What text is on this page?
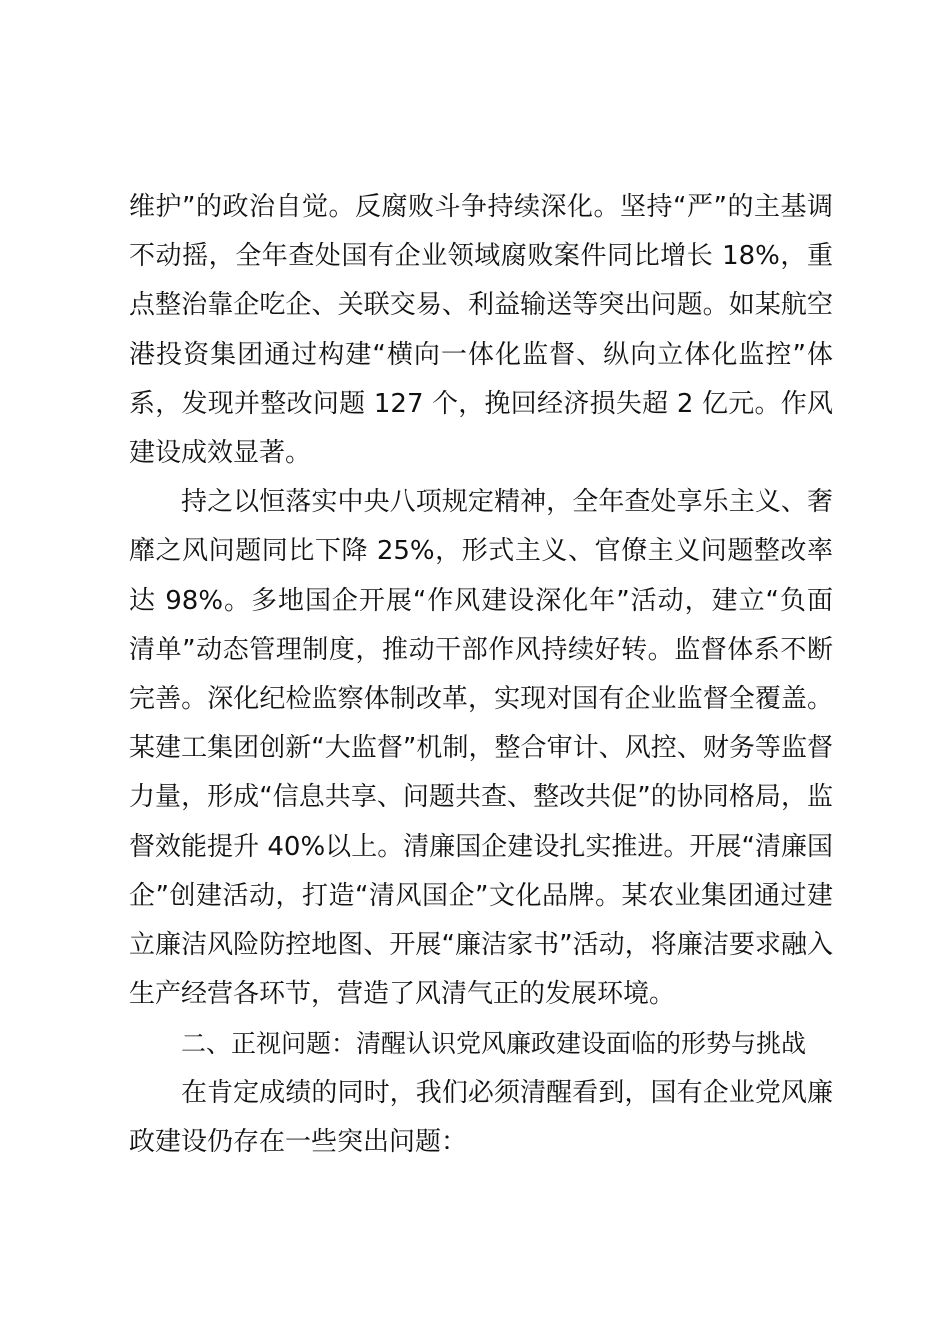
维护”的政治自觉。反腐败斗争持续深化。坚持“严”的主基调不动摇，全年查处国有企业领域腐败案件同比增长 18%，重点整治靠企吃企、关联交易、利益输送等突出问题。如某航空港投资集团通过构建“横向一体化监督、纵向立体化监控”体系，发现并整改问题 127 个，挽回经济损失超 2 亿元。作风建设成效显著。

持之以恒落实中央八项规定精神，全年查处享乐主义、奢靡之风问题同比下降 25%，形式主义、官僚主义问题整改率达 98%。多地国企开展“作风建设深化年”活动，建立“负面清单”动态管理制度，推动干部作风持续好转。监督体系不断完善。深化纪检监察体制改革，实现对国有企业监督全覆盖。某建工集团创新“大监督”机制，整合审计、风控、财务等监督力量，形成“信息共享、问题共查、整改共促”的协同格局，监督效能提升 40%以上。清廉国企建设扎实推进。开展“清廉国企”创建活动，打造“清风国企”文化品牌。某农业集团通过建立廉洁风险防控地图、开展“廉洁家书”活动，将廉洁要求融入生产经营各环节，营造了风清气正的发展环境。

二、正视问题：清醒认识党风廉政建设面临的形势与挑战

在肯定成绩的同时，我们必须清醒看到，国有企业党风廉政建设仍存在一些突出问题：
